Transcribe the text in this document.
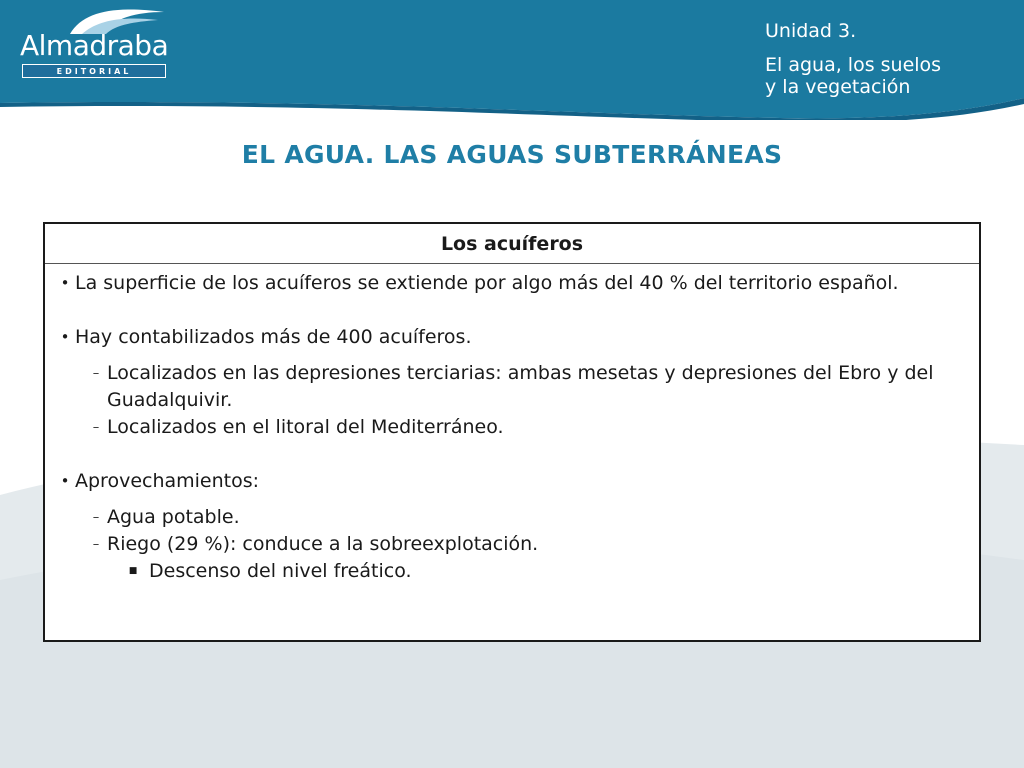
Almadraba
EDITORIAL
Unidad 3.
El agua, los suelos
y la vegetación
EL AGUA. LAS AGUAS SUBTERRÁNEAS
Los acuíferos
• La superficie de los acuíferos se extiende por algo más del 40 % del territorio español.
• Hay contabilizados más de 400 acuíferos.
– Localizados en las depresiones terciarias: ambas mesetas y depresiones del Ebro y del Guadalquivir.
– Localizados en el litoral del Mediterráneo.
• Aprovechamientos:
– Agua potable.
– Riego (29 %): conduce a la sobreexplotación.
■ Descenso del nivel freático.
